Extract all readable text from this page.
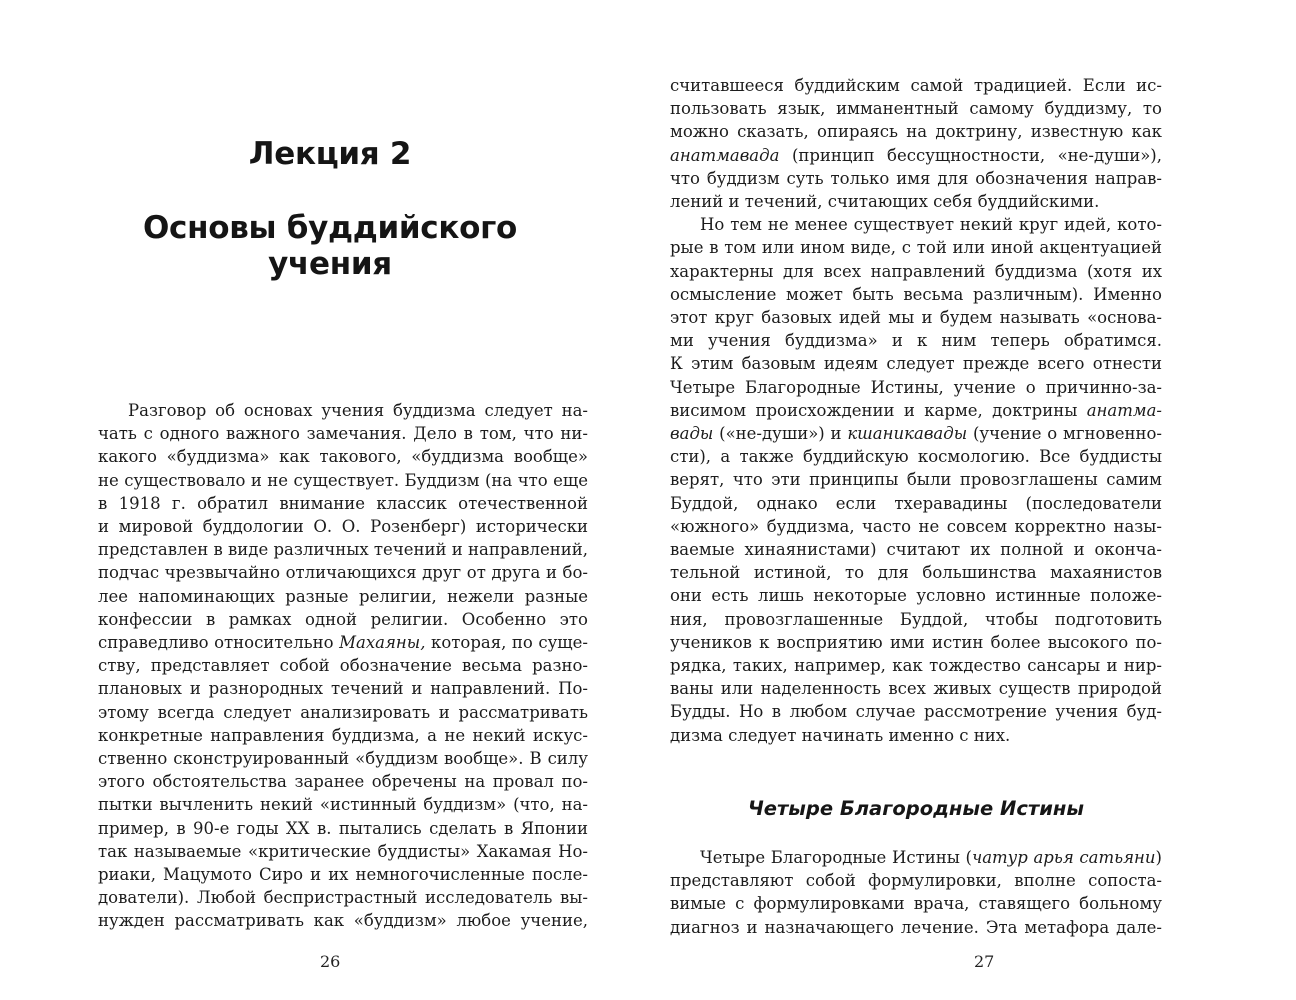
Лекция 2
Основы буддийского учения
Разговор об основах учения буддизма следует на-
чать с одного важного замечания. Дело в том, что ни-
какого «буддизма» как такового, «буддизма вообще»
не существовало и не существует. Буддизм (на что еще
в 1918 г. обратил внимание классик отечественной
и мировой буддологии О. О. Розенберг) исторически
представлен в виде различных течений и направлений,
подчас чрезвычайно отличающихся друг от друга и бо-
лее напоминающих разные религии, нежели разные
конфессии в рамках одной религии. Особенно это
справедливо относительно Махаяны, которая, по суще-
ству, представляет собой обозначение весьма разно-
плановых и разнородных течений и направлений. По-
этому всегда следует анализировать и рассматривать
конкретные направления буддизма, а не некий искус-
ственно сконструированный «буддизм вообще». В силу
этого обстоятельства заранее обречены на провал по-
пытки вычленить некий «истинный буддизм» (что, на-
пример, в 90-е годы XX в. пытались сделать в Японии
так называемые «критические буддисты» Хакамая Но-
риаки, Мацумото Сиро и их немногочисленные после-
дователи). Любой беспристрастный исследователь вы-
нужден рассматривать как «буддизм» любое учение,
26
считавшееся буддийским самой традицией. Если ис-
пользовать язык, имманентный самому буддизму, то
можно сказать, опираясь на доктрину, известную как
анатмавада (принцип бессущностности, «не-души»),
что буддизм суть только имя для обозначения направ-
лений и течений, считающих себя буддийскими.
Но тем не менее существует некий круг идей, кото-
рые в том или ином виде, с той или иной акцентуацией
характерны для всех направлений буддизма (хотя их
осмысление может быть весьма различным). Именно
этот круг базовых идей мы и будем называть «основа-
ми учения буддизма» и к ним теперь обратимся.
К этим базовым идеям следует прежде всего отнести
Четыре Благородные Истины, учение о причинно-за-
висимом происхождении и карме, доктрины анатма-
вады («не-души») и кшаникавады (учение о мгновенно-
сти), а также буддийскую космологию. Все буддисты
верят, что эти принципы были провозглашены самим
Буддой, однако если тхеравадины (последователи
«южного» буддизма, часто не совсем корректно назы-
ваемые хинаянистами) считают их полной и оконча-
тельной истиной, то для большинства махаянистов
они есть лишь некоторые условно истинные положе-
ния, провозглашенные Буддой, чтобы подготовить
учеников к восприятию ими истин более высокого по-
рядка, таких, например, как тождество сансары и нир-
ваны или наделенность всех живых существ природой
Будды. Но в любом случае рассмотрение учения буд-
дизма следует начинать именно с них.
Четыре Благородные Истины
Четыре Благородные Истины (чатур арья сатьяни)
представляют собой формулировки, вполне сопоста-
вимые с формулировками врача, ставящего больному
диагноз и назначающего лечение. Эта метафора дале-
27
